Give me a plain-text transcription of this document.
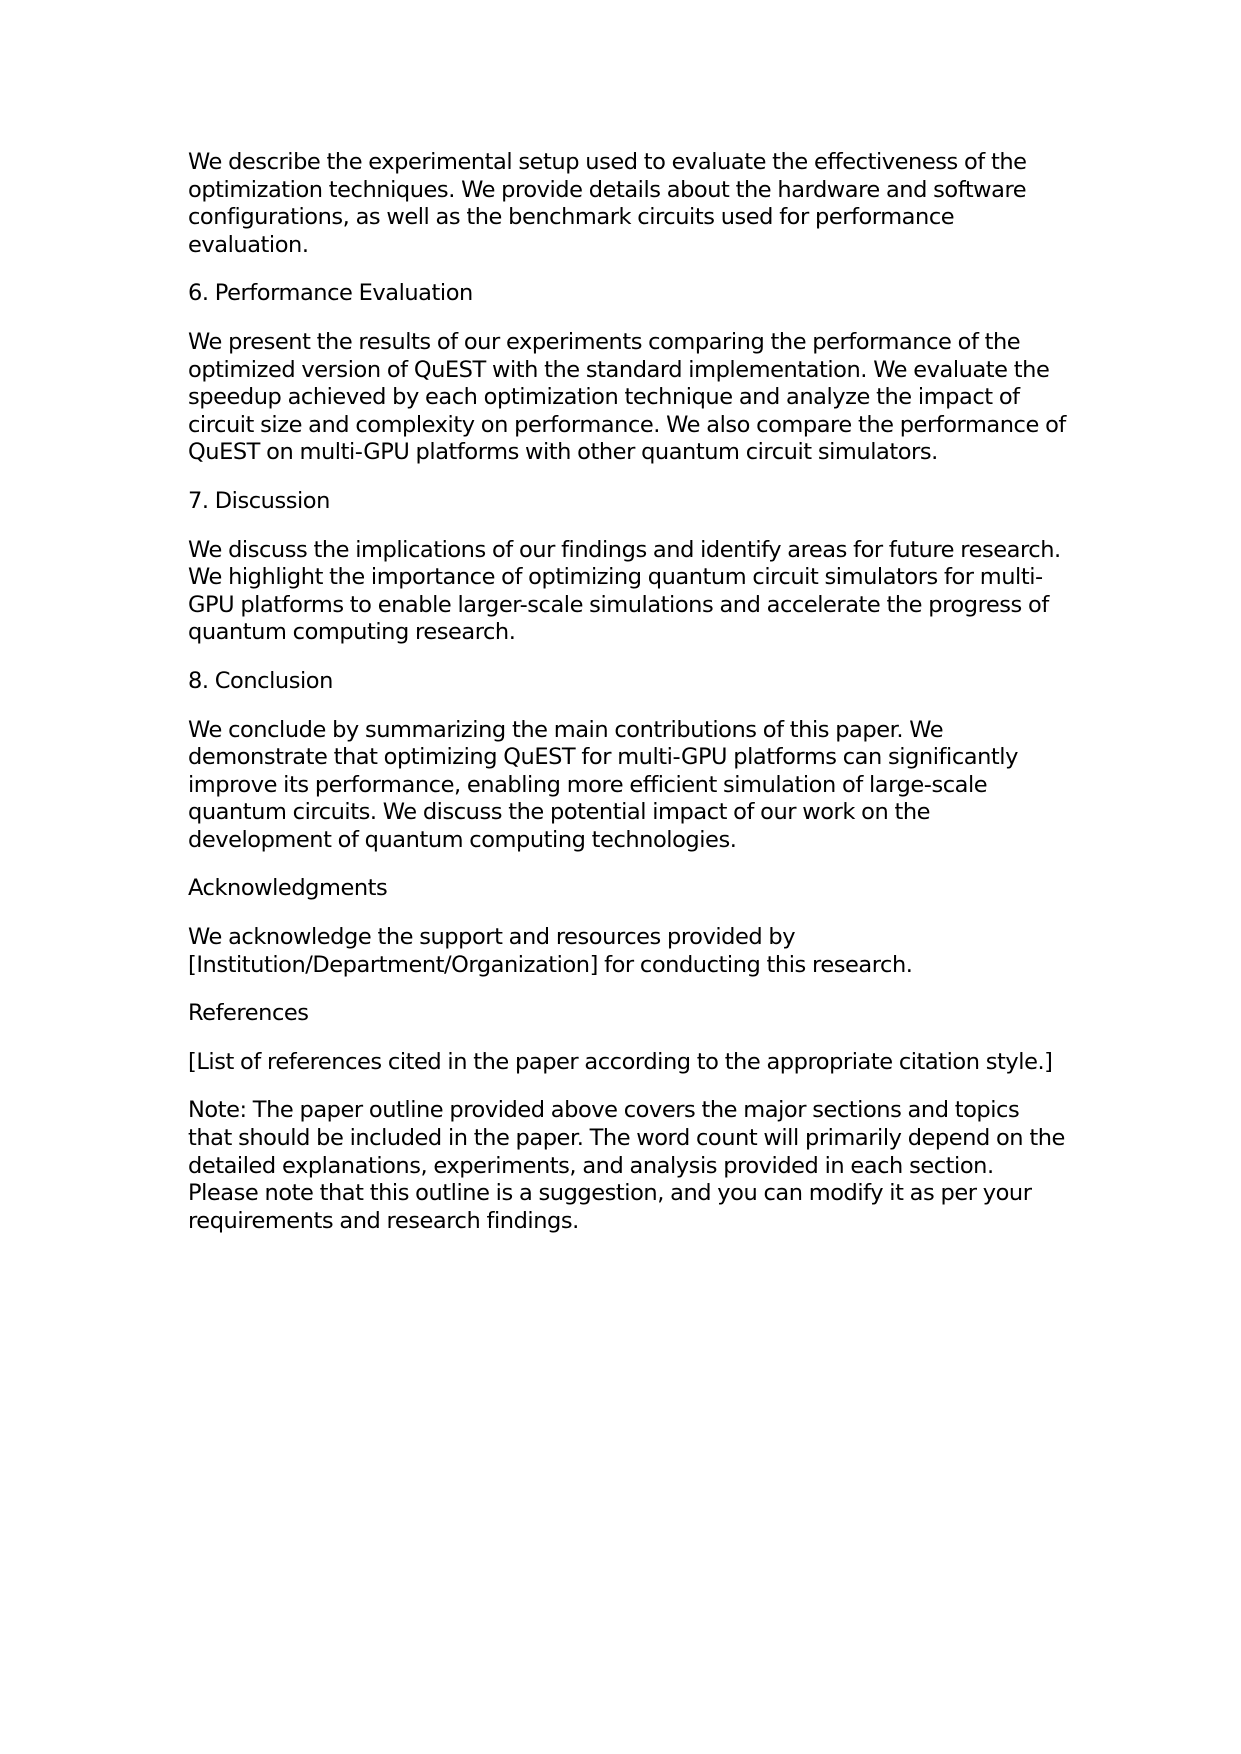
We describe the experimental setup used to evaluate the effectiveness of the optimization techniques. We provide details about the hardware and software configurations, as well as the benchmark circuits used for performance evaluation.

6. Performance Evaluation

We present the results of our experiments comparing the performance of the optimized version of QuEST with the standard implementation. We evaluate the speedup achieved by each optimization technique and analyze the impact of circuit size and complexity on performance. We also compare the performance of QuEST on multi-GPU platforms with other quantum circuit simulators.

7. Discussion

We discuss the implications of our findings and identify areas for future research. We highlight the importance of optimizing quantum circuit simulators for multi-GPU platforms to enable larger-scale simulations and accelerate the progress of quantum computing research.

8. Conclusion

We conclude by summarizing the main contributions of this paper. We demonstrate that optimizing QuEST for multi-GPU platforms can significantly improve its performance, enabling more efficient simulation of large-scale quantum circuits. We discuss the potential impact of our work on the development of quantum computing technologies.

Acknowledgments

We acknowledge the support and resources provided by [Institution/Department/Organization] for conducting this research.

References

[List of references cited in the paper according to the appropriate citation style.]

Note: The paper outline provided above covers the major sections and topics that should be included in the paper. The word count will primarily depend on the detailed explanations, experiments, and analysis provided in each section. Please note that this outline is a suggestion, and you can modify it as per your requirements and research findings.
